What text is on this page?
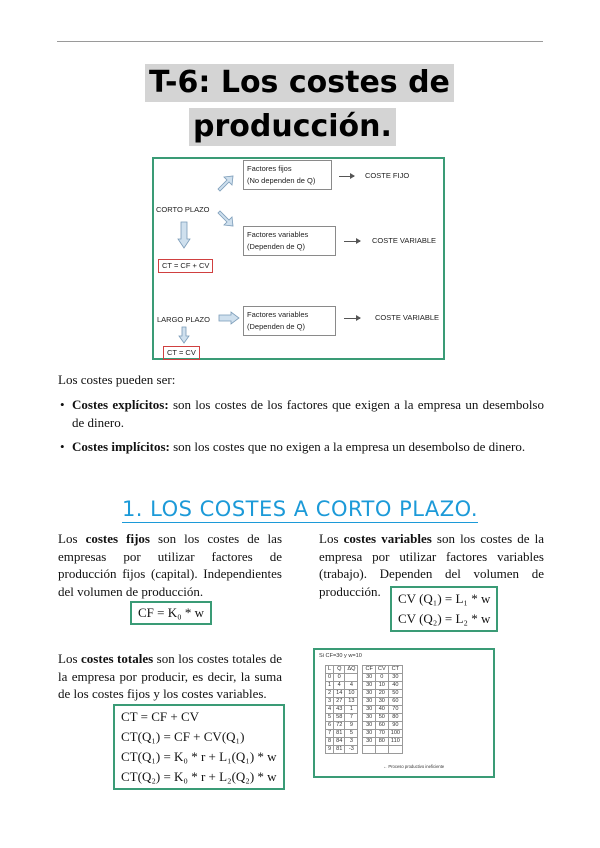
T-6: Los costes de
producción.
CORTO PLAZO
Factores fijos
(No dependen de Q)
COSTE FIJO
Factores variables
(Dependen de Q)
COSTE VARIABLE
CT = CF + CV
LARGO PLAZO
Factores variables
(Dependen de Q)
COSTE VARIABLE
CT = CV
Los costes pueden ser:
• Costes explícitos: son los costes de los factores que exigen a la empresa un desembolso de dinero.
• Costes implícitos: son los costes que no exigen a la empresa un desembolso de dinero.
1. LOS COSTES A CORTO PLAZO.
Los costes fijos son los costes de las empresas por utilizar factores de producción fijos (capital). Independientes del volumen de producción.
CF = K₀ * w
Los costes variables son los costes de la empresa por utilizar factores variables (trabajo). Dependen del volumen de producción.	CV (Q₁) = L₁ * w
CV (Q₂) = L₂ * w
Los costes totales son los costes totales de la empresa por producir, es decir, la suma de los costes fijos y los costes variables.
CT = CF + CV
CT(Q₁) = CF + CV(Q₁)
CT(Q₁) = K₀ * r + L₁(Q₁) * w
CT(Q₂) = K₀ * r + L₂(Q₂) * w
Si CF=30 y w=10
L	Q	ΔQ		CF	CV	CT
0	0			30	0	30
1	4	4		30	10	40
2	14	10		30	20	50
3	27	13		30	30	60
4	43	1		30	40	70
5	58	7		30	50	80
6	72	9		30	60	90
7	81	5		30	70	100
8	84	3		30	80	110
9	81	-3				
← Proceso productivo ineficiente
